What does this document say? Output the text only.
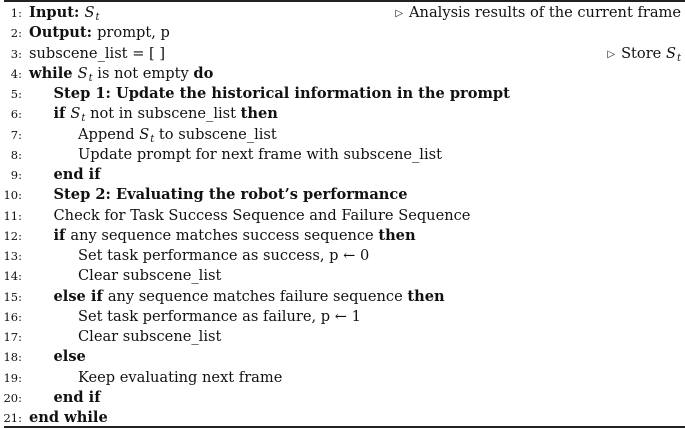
1: Input: $S_t$	▷ Analysis results of the current frame
2: Output: prompt, p
3: subscene_list = [ ]	▷ Store $S_t$
4: while $S_t$ is not empty do
5: Step 1: Update the historical information in the prompt
6: if $S_t$ not in subscene_list then
7:	Append $S_t$ to subscene_list
8:	Update prompt for next frame with subscene_list
9: end if
10: Step 2: Evaluating the robot’s performance
11: Check for Task Success Sequence and Failure Sequence
12: if any sequence matches success sequence then
13:	Set task performance as success, p ← 0
14:	Clear subscene_list
15: else if any sequence matches failure sequence then
16:	Set task performance as failure, p ← 1
17:	Clear subscene_list
18: else
19:	Keep evaluating next frame
20: end if
21: end while
